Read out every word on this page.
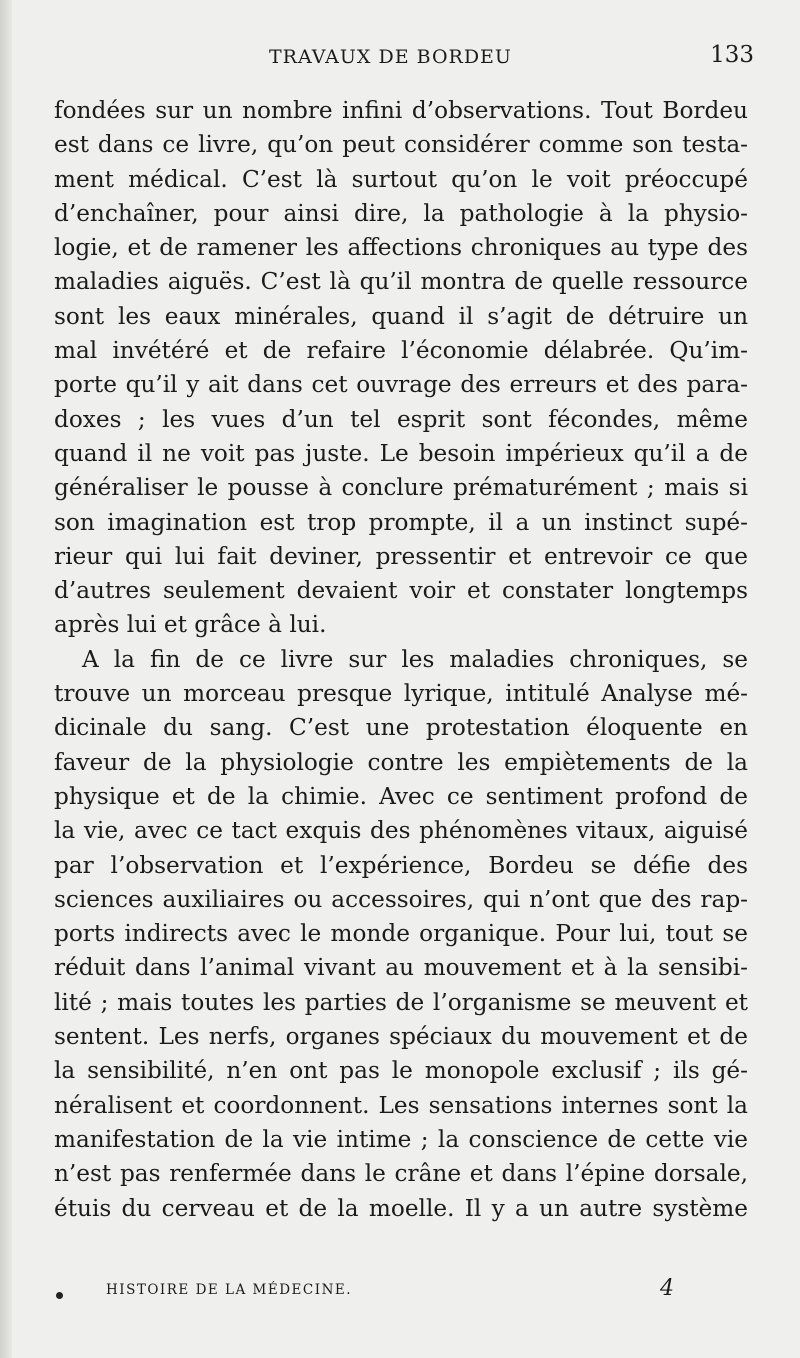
TRAVAUX DE BORDEU	133
fondées sur un nombre infini d’observations. Tout Bordeu
est dans ce livre, qu’on peut considérer comme son testa-
ment médical. C’est là surtout qu’on le voit préoccupé
d’enchaîner, pour ainsi dire, la pathologie à la physio-
logie, et de ramener les affections chroniques au type des
maladies aiguës. C’est là qu’il montra de quelle ressource
sont les eaux minérales, quand il s’agit de détruire un
mal invétéré et de refaire l’économie délabrée. Qu’im-
porte qu’il y ait dans cet ouvrage des erreurs et des para-
doxes ; les vues d’un tel esprit sont fécondes, même
quand il ne voit pas juste. Le besoin impérieux qu’il a de
généraliser le pousse à conclure prématurément ; mais si
son imagination est trop prompte, il a un instinct supé-
rieur qui lui fait deviner, pressentir et entrevoir ce que
d’autres seulement devaient voir et constater longtemps
après lui et grâce à lui.
A la fin de ce livre sur les maladies chroniques, se
trouve un morceau presque lyrique, intitulé Analyse mé-
dicinale du sang. C’est une protestation éloquente en
faveur de la physiologie contre les empiètements de la
physique et de la chimie. Avec ce sentiment profond de
la vie, avec ce tact exquis des phénomènes vitaux, aiguisé
par l’observation et l’expérience, Bordeu se défie des
sciences auxiliaires ou accessoires, qui n’ont que des rap-
ports indirects avec le monde organique. Pour lui, tout se
réduit dans l’animal vivant au mouvement et à la sensibi-
lité ; mais toutes les parties de l’organisme se meuvent et
sentent. Les nerfs, organes spéciaux du mouvement et de
la sensibilité, n’en ont pas le monopole exclusif ; ils gé-
néralisent et coordonnent. Les sensations internes sont la
manifestation de la vie intime ; la conscience de cette vie
n’est pas renfermée dans le crâne et dans l’épine dorsale,
étuis du cerveau et de la moelle. Il y a un autre système
HISTOIRE DE LA MÉDECINE.	4
